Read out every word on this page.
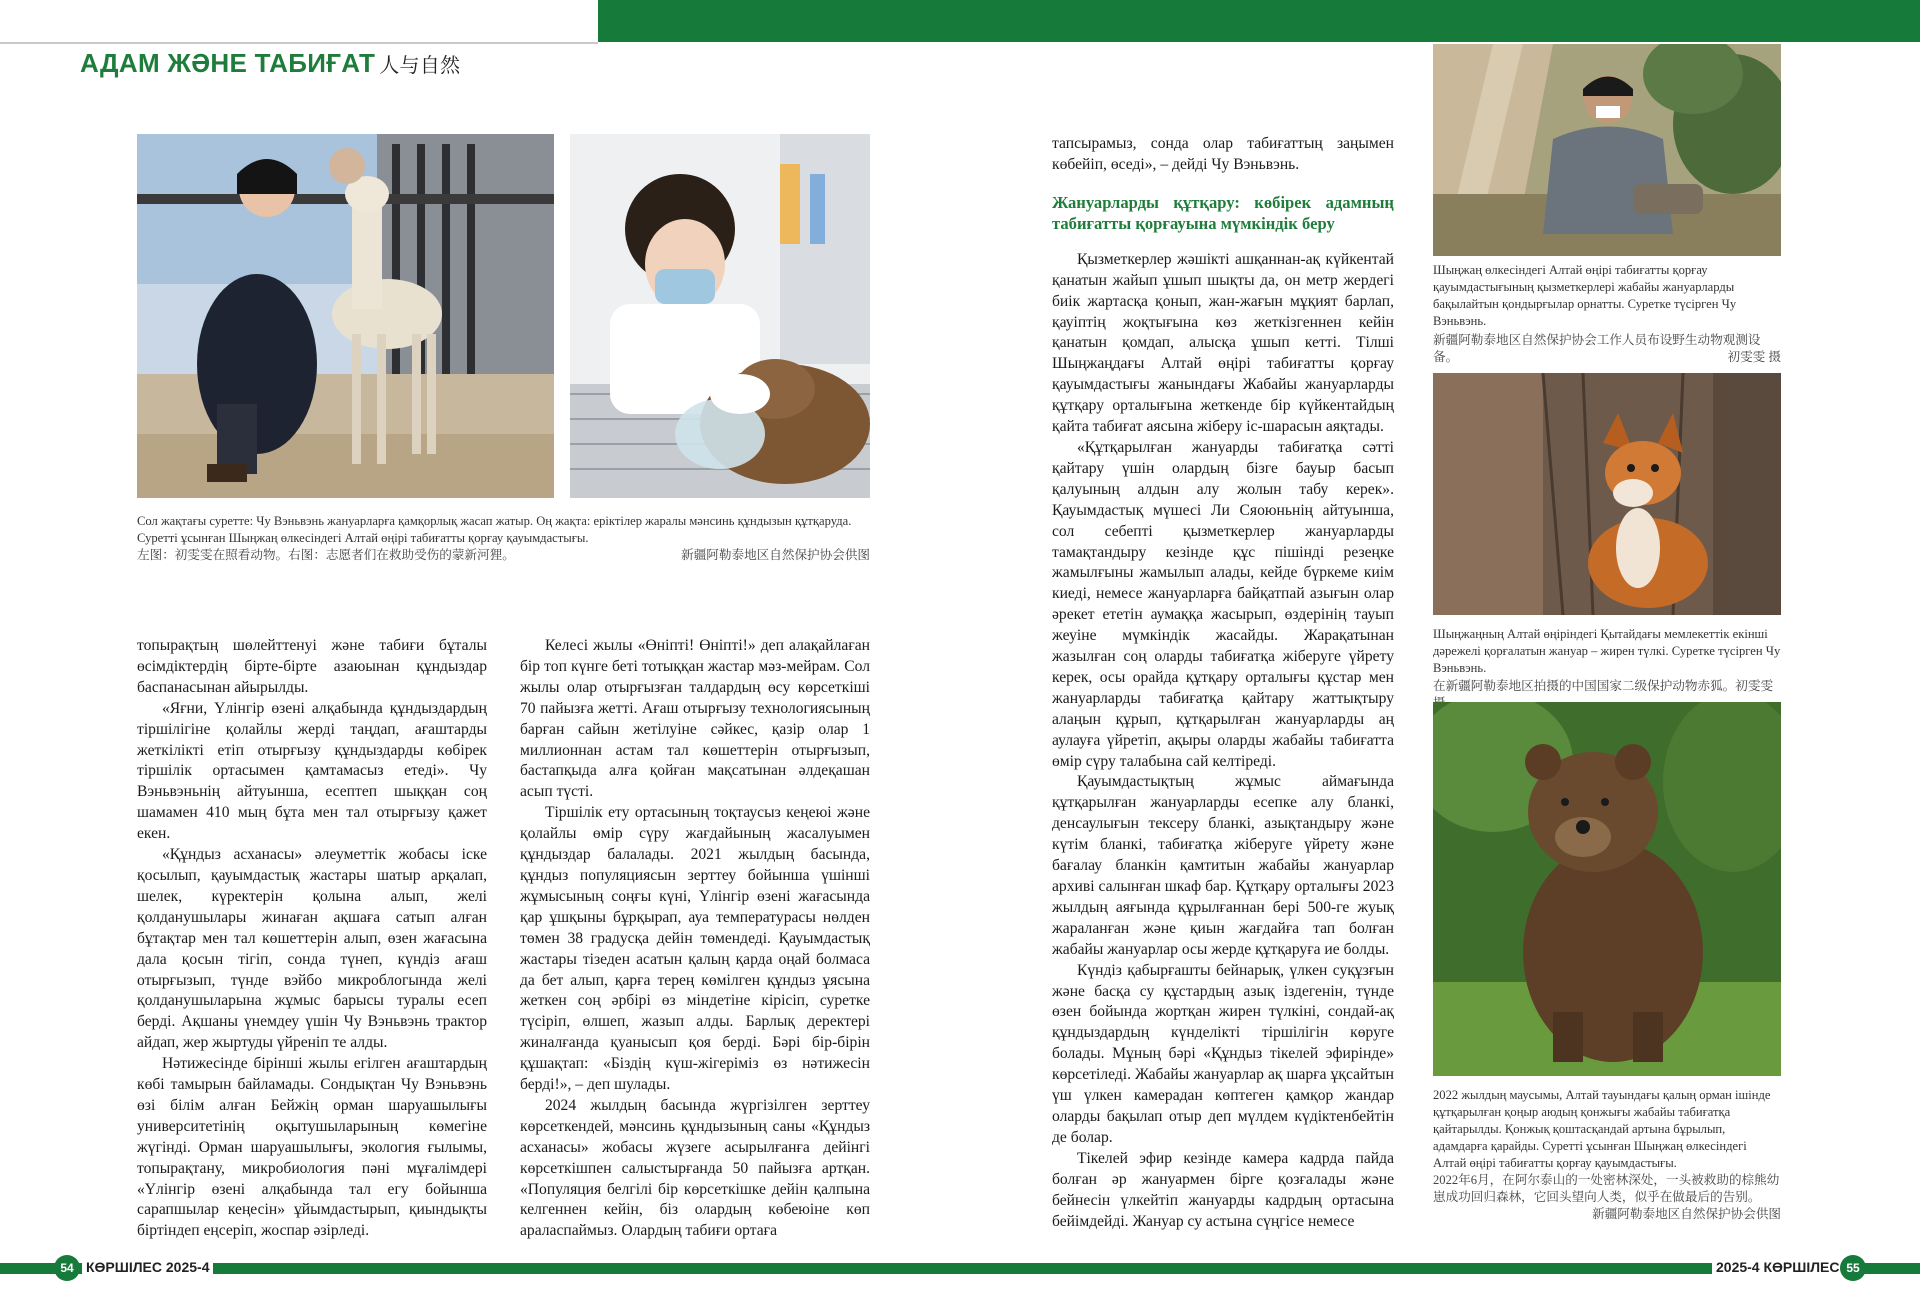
АДАМ ЖӘНЕ ТАБИҒАТ 人与自然
Сол жақтағы суретте: Чу Вэньвэнь жануарларға қамқорлық жасап жатыр. Оң жақта: еріктілер жаралы мәнсинь құндызын құтқаруда. Суретті ұсынған Шыңжаң өлкесіндегі Алтай өңірі табиғатты қорғау қауымдастығы.
左图：初雯雯在照看动物。右图：志愿者们在救助受伤的蒙新河狸。	新疆阿勒泰地区自然保护协会供图

топырақтың шөлейттенуі және табиғи бұталы өсімдіктердің бірте-бірте азаюынан құндыздар баспанасынан айырылды.

«Яғни, Үлінгір өзені алқабында құндыздардың тіршілігіне қолайлы жерді таңдап, ағаштарды жеткілікті етіп отырғызу құндыздарды көбірек тіршілік ортасымен қамтамасыз етеді». Чу Вэньвэньнің айтуынша, есептеп шыққан соң шамамен 410 мың бұта мен тал отырғызу қажет екен.

«Құндыз асханасы» әлеуметтік жобасы іске қосылып, қауымдастық жастары шатыр арқалап, шелек, күректерін қолына алып, желі қолданушылары жинаған ақшаға сатып алған бұтақтар мен тал көшеттерін алып, өзен жағасына дала қосын тігіп, сонда түнеп, күндіз ағаш отырғызып, түнде вэйбо микроблогында желі қолданушыларына жұмыс барысы туралы есеп берді. Ақшаны үнемдеу үшін Чу Вэньвэнь трактор айдап, жер жыртуды үйреніп те алды.

Нәтижесінде бірінші жылы егілген ағаштардың көбі тамырын байламады. Сондықтан Чу Вэньвэнь өзі білім алған Бейжің орман шаруашылығы университетінің оқытушыларының көмегіне жүгінді. Орман шаруашылығы, экология ғылымы, топырақтану, микробиология пәні мұғалімдері «Үлінгір өзені алқабында тал егу бойынша сарапшылар кеңесін» ұйымдастырып, қиындықты біртіндеп еңсеріп, жоспар әзірледі.

Келесі жылы «Өніпті! Өніпті!» деп алақайлаған бір топ күнге беті тотыққан жастар мәз-мейрам. Сол жылы олар отырғызған талдардың өсу көрсеткіші 70 пайызға жетті. Ағаш отырғызу технологиясының барған сайын жетілуіне сәйкес, қазір олар 1 миллионнан астам тал көшеттерін отырғызып, бастапқыда алға қойған мақсатынан әлдеқашан асып түсті.

Тіршілік ету ортасының тоқтаусыз кеңеюі және қолайлы өмір сүру жағдайының жасалуымен құндыздар балалады. 2021 жылдың басында, құндыз популяциясын зерттеу бойынша үшінші жұмысының соңғы күні, Үлінгір өзені жағасында қар ұшқыны бұрқырап, ауа температурасы нөлден төмен 38 градусқа дейін төмендеді. Қауымдастық жастары тізеден асатын қалың қарда оңай болмаса да бет алып, қарға терең көмілген құндыз ұясына жеткен соң әрбірі өз міндетіне кірісіп, суретке түсіріп, өлшеп, жазып алды. Барлық деректері жиналғанда қуанысып қоя берді. Бәрі бір-бірін құшақтап: «Біздің күш-жігеріміз өз нәтижесін берді!», – деп шулады.

2024 жылдың басында жүргізілген зерттеу көрсеткендей, мәнсинь құндызының саны «Құндыз асханасы» жобасы жүзеге асырылғанға дейінгі көрсеткішпен салыстырғанда 50 пайызға артқан. «Популяция белгілі бір көрсеткішке дейін қалпына келгеннен кейін, біз олардың көбеюіне көп араласпаймыз. Олардың табиғи ортаға

тапсырамыз, сонда олар табиғаттың заңымен көбейіп, өседі», – дейді Чу Вэньвэнь.

Жануарларды құтқару: көбірек адамның табиғатты қорғауына мүмкіндік беру

Қызметкерлер жәшікті ашқаннан-ақ күйкентай қанатын жайып ұшып шықты да, он метр жердегі биік жартасқа қонып, жан-жағын мұқият барлап, қауіптің жоқтығына көз жеткізгеннен кейін қанатын қомдап, алысқа ұшып кетті. Тілші Шыңжаңдағы Алтай өңірі табиғатты қорғау қауымдастығы жанындағы Жабайы жануарларды құтқару орталығына жеткенде бір күйкентайдың қайта табиғат аясына жіберу іс-шарасын аяқтады.

«Құтқарылған жануарды табиғатқа сәтті қайтару үшін олардың бізге бауыр басып қалуының алдын алу жолын табу керек». Қауымдастық мүшесі Ли Сяоюньнің айтуынша, сол себепті қызметкерлер жануарларды тамақтандыру кезінде құс пішінді резеңке жамылғыны жамылып алады, кейде бүркеме киім киеді, немесе жануарларға байқатпай азығын олар әрекет ететін аумаққа жасырып, өздерінің тауып жеуіне мүмкіндік жасайды. Жарақатынан жазылған соң оларды табиғатқа жіберуге үйрету керек, осы орайда құтқару орталығы құстар мен жануарларды табиғатқа қайтару жаттықтыру алаңын құрып, құтқарылған жануарларды аң аулауға үйретіп, ақыры оларды жабайы табиғатта өмір сүру талабына сай келтіреді.

Қауымдастықтың жұмыс аймағында құтқарылған жануарларды есепке алу бланкі, денсаулығын тексеру бланкі, азықтандыру және күтім бланкі, табиғатқа жіберуге үйрету және бағалау бланкін қамтитын жабайы жануарлар архиві салынған шкаф бар. Құтқару орталығы 2023 жылдың аяғында құрылғаннан бері 500-ге жуық жараланған және қиын жағдайға тап болған жабайы жануарлар осы жерде құтқаруға ие болды.

Күндіз қабырғашты бейнарық, үлкен суқұзғын және басқа су құстардың азық іздегенін, түнде өзен бойында жортқан жирен түлкіні, сондай-ақ құндыздардың күнделікті тіршілігін көруге болады. Мұның бәрі «Құндыз тікелей эфирінде» көрсетіледі. Жабайы жануарлар ақ шарға ұқсайтын үш үлкен камерадан көптеген қамқор жандар оларды бақылап отыр деп мүлдем күдіктенбейтін де болар.

Тікелей эфир кезінде камера кадрда пайда болған әр жануармен бірге қозғалады және бейнесін үлкейтіп жануарды кадрдың ортасына бейімдейді. Жануар су астына сүңгісе немесе

Шыңжаң өлкесіндегі Алтай өңірі табиғатты қорғау қауымдастығының қызметкерлері жабайы жануарларды бақылайтын қондырғылар орнатты. Суретке түсірген Чу Вэньвэнь.
新疆阿勒泰地区自然保护协会工作人员布设野生动物观测设备。	初雯雯 摄
Шыңжаңның Алтай өңіріндегі Қытайдағы мемлекеттік екінші дәрежелі қорғалатын жануар – жирен түлкі. Суретке түсірген Чу Вэньвэнь.
在新疆阿勒泰地区拍摄的中国国家二级保护动物赤狐。初雯雯
2022 жылдың маусымы, Алтай тауындағы қалың орман ішінде құтқарылған қоңыр аюдың қонжығы жабайы табиғатқа қайтарылды. Қонжық қоштасқандай артына бұрылып, адамдарға қарайды. Суретті ұсынған Шыңжаң өлкесіндегі Алтай өңірі табиғатты қорғау қауымдастығы.
2022年6月，在阿尔泰山的一处密林深处，一头被救助的棕熊幼崽成功回归森林，它回头望向人类，似乎在做最后的告别。
新疆阿勒泰地区自然保护协会供图
54 КӨРШІЛЕС 2025-4	2025-4 КӨРШІЛЕС 55
